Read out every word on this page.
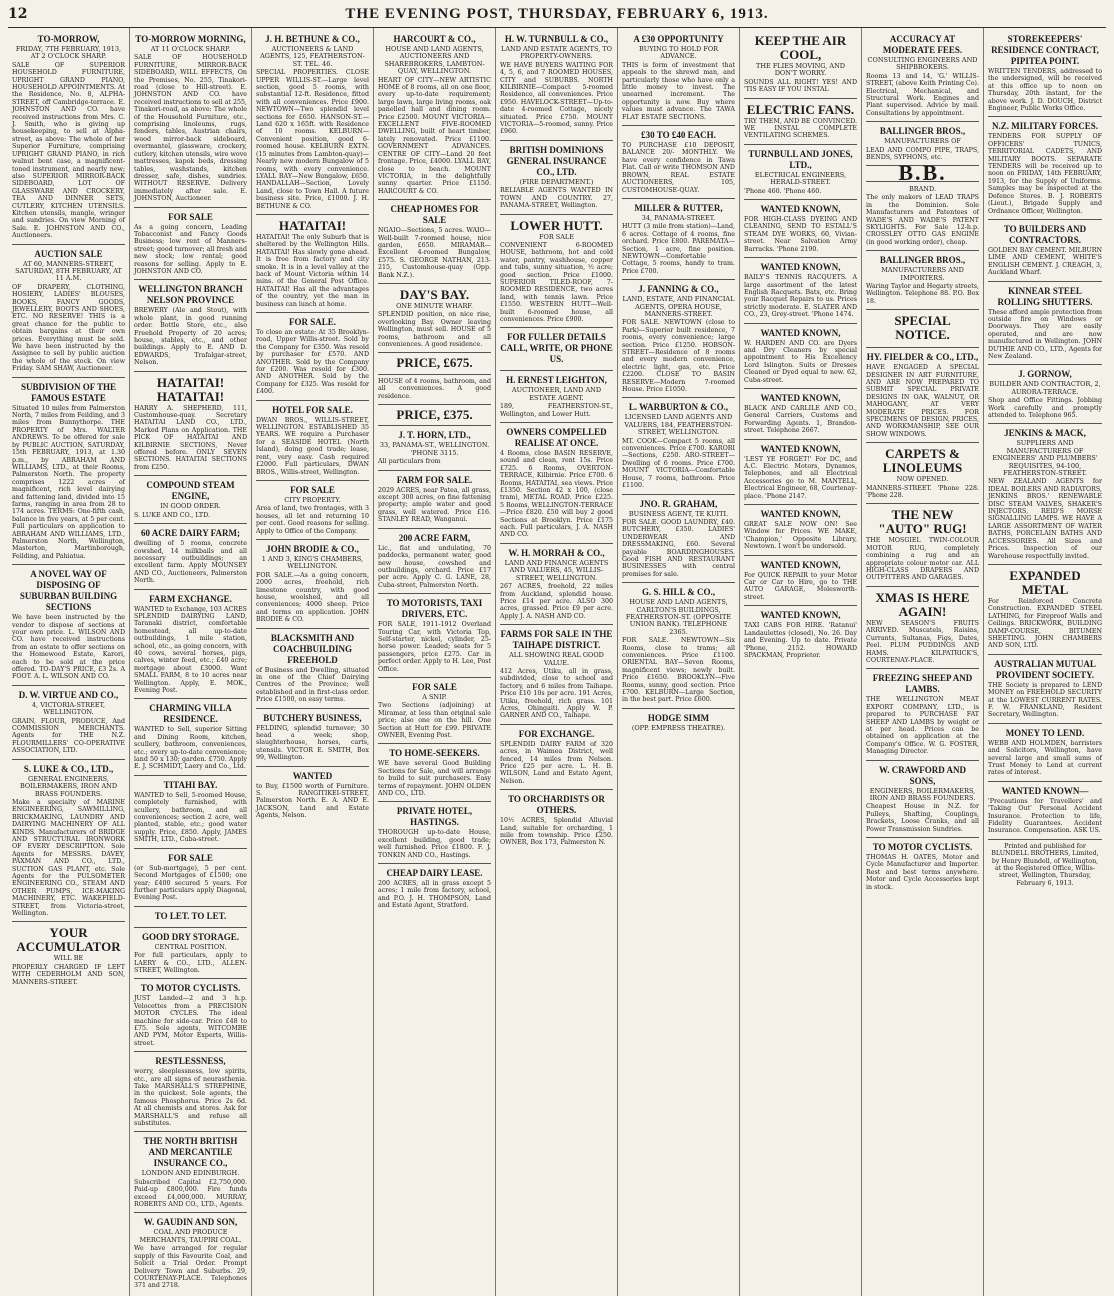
12	THE EVENING POST, THURSDAY, FEBRUARY 6, 1913.
TO-MORROW,
FRIDAY, 7TH FEBRUARY, 1913, AT 2 O'CLOCK SHARP.

SALE OF SUPERIOR HOUSEHOLD FURNITURE, UPRIGHT GRAND PIANO, HOUSEHOLD APPOINTMENTS. At the Residence, No. 8, ALPHA-STREET, off Cambridge-terrace. E. JOHNSTON AND CO. have received instructions from Mrs. C. J. Smith, who is giving up housekeeping, to sell at Alpha-street, as above: The whole of her Superior Furniture, comprising UPRIGHT GRAND PIANO, in rich walnut bent case, a magnificent-toned instrument, and nearly new; also SUPERIOR MIRROR-BACK SIDEBOARD, LOT OF GLASSWARE AND CROCKERY, TEA AND DINNER SETS, CUTLERY, KITCHEN UTENSILS. Kitchen utensils, mangle, wringer and sundries. On view Morning of Sale. E. JOHNSTON AND CO., Auctioneers.

AUCTION SALE
AT 60, MANNERS-STREET, SATURDAY, 8TH FEBRUARY, AT 11 A.M.

OF DRAPERY, CLOTHING, HOSIERY, LADIES' BLOUSES, BOOKS, FANCY GOODS, JEWELLERY, BOOTS AND SHOES, ETC. NO RESERVE! THIS is a great chance for the public to obtain bargains at their own prices. Everything must be sold. We have been instructed by the Assignee to sell by public auction the whole of the stock. On view Friday. SAM SHAW, Auctioneer.

SUBDIVISION OF THE FAMOUS ESTATE

Situated 10 miles from Palmerston North, 7 miles from Feilding, and 3 miles from Bunnythorpe. THE PROPERTY of Mrs. WALTER ANDREWS. To be offered for sale by PUBLIC AUCTION, SATURDAY, 15th FEBRUARY, 1913, at 1.30 p.m., by ABRAHAM AND WILLIAMS, LTD., at their Rooms, Palmerston North. The property comprises 1222 acres of magnificent, rich level dairying and fattening land, divided into 15 farms, ranging in area from 28 to 174 acres. TERMS: One-fifth cash, balance in five years, at 5 per cent. Full particulars on application to ABRAHAM AND WILLIAMS, LTD., Palmerston North, Wellington, Masterton, Martinborough, Feilding, and Pahiatua.

A NOVEL WAY OF DISPOSING OF SUBURBAN BUILDING SECTIONS

We have been instructed by the vendor to dispose of sections at your own price. L. WILSON AND CO. have received instructions from an estate to offer sections on the Homewood Estate, Karori, each to be sold at the price offered. TO-DAY'S PRICE, £3 2s. A FOOT. A. L. WILSON AND CO.

D. W. VIRTUE AND CO.,
4, VICTORIA-STREET, WELLINGTON.

GRAIN, FLOUR, PRODUCE, And COMMISSION MERCHANTS. Agents for THE N.Z. FLOURMILLERS' CO-OPERATIVE ASSOCIATION, LTD.

S. LUKE & CO., LTD.,
GENERAL ENGINEERS, BOILERMAKERS, IRON AND BRASS FOUNDERS.

Make a specialty of MARINE ENGINEERING, SAWMILLING, BRICKMAKING, LAUNDRY AND DAIRYING MACHINERY OF ALL KINDS. Manufacturers of BRIDGE AND STRUCTURAL IRONWORK OF EVERY DESCRIPTION. Sole Agents for MESSRS. DAVEY, PAXMAN AND CO., LTD., SUCTION GAS PLANT, etc. Sole Agents for the PULSOMETER ENGINEERING CO., STEAM AND OTHER PUMPS, ICE-MAKING MACHINERY, ETC. WAKEFIELD-STREET, from Victoria-street, Wellington.

YOUR ACCUMULATOR
WILL BE

PROPERLY CHARGED IF LEFT WITH CEDERHOLM AND SON, MANNERS-STREET.

TO-MORROW MORNING,
AT 11 O'CLOCK SHARP.

SALE OF HOUSEHOLD FURNITURE, MIRROR-BACK SIDEBOARD, WILL EFFECTS, On the Premises, No. 255, Tinakori-road (close to Hill-street). E. JOHNSTON AND CO. have received instructions to sell at 255, Tinakori-road, as above: The whole of the Household Furniture, etc., comprising linoleums, rugs, fenders, tables, Austrian chairs, wood mirror-back sideboard, overmantel, glassware, crockery, cutlery, kitchen utensils, wire wove mattresses, kapok beds, dressing tables, washstands, kitchen dresser, safe, dishes, sundries. WITHOUT RESERVE. Delivery immediately after sale. E. JOHNSTON, Auctioneer.

FOR SALE

As a going concern, Leading Tobacconist and Fancy Goods Business; low rent of Manners-street; good turnover; all fresh and new stock; low rental; good reasons for selling. Apply to E. JOHNSTON AND CO.

WELLINGTON BRANCH NELSON PROVINCE

BREWERY (Ale and Stout), with whole plant, in good running order. Bottle Store, etc., also Freehold Property of 20 acres; house, stables, etc., and other buildings. Apply to E. AND D. EDWARDS, Trafalgar-street, Nelson.

HATAITAI! HATAITAI!

HARRY A. SHEPHERD, 111, Customhouse-quay. Secretary HATAITAI LAND CO., LTD., Marked Plans on Application. THE PICK OF HATAITAI AND KILBIRNIE SECTIONS, Never offered before. ONLY SEVEN SECTIONS. HATAITAI SECTIONS from £250.

COMPOUND STEAM ENGINE,
IN GOOD ORDER.

S. LUKE AND CO., LTD.

60 ACRE DAIRY FARM;

dwelling of 5 rooms, concrete cowshed, 14 milkbails and all necessary outbuildings; an excellent farm. Apply MOUNSEY AND CO., Auctioneers, Palmerston North.

FARM EXCHANGE.

WANTED to Exchange, 103 ACRES SPLENDID DAIRYING LAND, Taranaki district, comfortable homestead, all up-to-date outbuildings, 1 mile station, school, etc., as going concern, with 40 cows, several horses, pigs, calves, winter feed, etc.; £40 acre; mortgage about £3000. Want SMALL FARM, 8 to 10 acres near Wellington. Apply, E. MOK., Evening Post.

CHARMING VILLA RESIDENCE.

WANTED to Sell, superior Sitting and Dining Room, kitchen, scullery, bathroom, conveniences, etc.; every up-to-date convenience; land 50 x 130; garden. £750. Apply E. J. SCHMIDT, Laery and Co., Ltd.

TITAHI BAY.

WANTED to Sell, 5-roomed House, completely furnished, with scullery, bathroom, and all conveniences; section 2 acre, well planted, stable, etc.; good water supply. Price, £850. Apply, JAMES SMITH, LTD., Cuba-street.

FOR SALE

(or Sub-mortgage), 5 per cent. Second Mortgages of £1500; one year; £400 secured 5 years. For further particulars apply Diagonal, Evening Post.

TO LET. TO LET.
GOOD DRY STORAGE.
CENTRAL POSITION.

For full particulars, apply to LAERY & CO., LTD., ALLEN-STREET, Wellington.

TO MOTOR CYCLISTS.

JUST Landed—2 and 3 h.p. Velocettes from a PRECISION MOTOR CYCLES. The ideal machine for side-car. Price £48 to £75. Sole agents, WITCOMBE AND PYM, Motor Experts, Willis-street.

RESTLESSNESS,

worry, sleeplessness, low spirits, etc., are all signs of neurasthenia. Take MARSHALL'S STREPHINE, in the quickest. Sole agents, the famous Phosphorus. Price 2s 6d. At all chemists and stores. Ask for MARSHALL'S and refuse all substitutes.

THE NORTH BRITISH AND MERCANTILE INSURANCE CO.,
LONDON AND EDINBURGH.

Subscribed Capital £2,750,000. Paid-up £800,000. Fire funds exceed £4,000,000. MURRAY, ROBERTS AND CO., LTD., Agents.

W. GAUDIN AND SON,
COAL AND PRODUCE MERCHANTS, TAUPIRI COAL.

We have arranged for regular supply of this Favourite Coal, and Solicit a Trial Order. Prompt Delivery Town and Suburbs. 29, COURTENAY-PLACE. Telephones 371 and 2718.

J. H. BETHUNE & CO.,
AUCTIONEERS & LAND AGENTS, 125, FEATHERSTON-ST. TEL. 46.

SPECIAL PROPERTIES. CLOSE UPPER WILLIS-ST.—Large level section, good 5 rooms, with substantial 12-ft. Residence, fitted with all conveniences. Price £900. NEWTOWN—Two splendid level sections for £650. HANSON-ST.—Land 620 x 165ft. with Residence of 10 rooms. KELBURN—Convenient position, good 6-roomed house. KELBURN EXTN. (15 minutes from Lambton-quay)—Nearly new modern Bungalow of 5 rooms, with every convenience. LYALL BAY—New Bungalow, £650. HANDALLAH—Section, Lovely Land, close to Town Hall. A future business site. Price, £1000. J. H. BETHUNE & CO.

HATAITAI!

HATAITAI! The only Suburb that is sheltered by the Wellington Hills. HATAITAI! Has slowly gone ahead. It is free from factory and city smoke. It is in a level valley at the back of Mount Victoria within 14 mins. of the General Post Office. HATAITAI! Has all the advantages of the country, yet the man in business can lunch at home.

FOR SALE.

To close an estate: At 35 Brooklyn-road, Upper Willis-street. Sold by the Company for £350. Was resold by purchaser for £570. AND ANOTHER. Sold by the Company for £200. Was resold for £300. AND ANOTHER. Sold by the Company for £325. Was resold for £400.

HOTEL FOR SALE.

DWAN BROS., WILLIS-STREET, WELLINGTON. ESTABLISHED 35 YEARS. WE require a Purchaser for a SEASIDE HOTEL (North Island), doing good trade; lease, rent, very easy. Cash required £2000. Full particulars, DWAN BROS., Willis-street, Wellington.

FOR SALE
CITY PROPERTY.

Area of land, two frontages, with 3 houses, all let and returning 10 per cent. Good reasons for selling. Apply to Office of the Company.

JOHN BRODIE & CO.,
1 AND 3, KING'S CHAMBERS, WELLINGTON.

FOR SALE.—As a going concern, 2000 acres, freehold, rich limestone country, with good house, woolshed, and all conveniences; 4000 sheep. Price and terms on application. JOHN BRODIE & CO.

BLACKSMITH AND COACHBUILDING FREEHOLD

of Business and Dwelling, situated in one of the Chief Dairying Centres of the Province; well established and in first-class order. Price £1500, on easy terms.

BUTCHERY BUSINESS,

FELDING, splendid turnover; 30 head a week; shop, slaughterhouse, horses, carts, utensils. VICTOR E. SMITH, Box 99, Wellington.

WANTED

to Buy, £1500 worth of Furniture. S. RANGITIKEI-STREET, Palmerston North. E. A. AND E. JACKSON, Land and Estate Agents, Nelson.

HARCOURT & CO.,
HOUSE AND LAND AGENTS, AUCTIONEERS AND SHAREBROKERS, LAMBTON-QUAY, WELLINGTON.

HEART OF CITY—NEW ARTISTIC HOME of 8 rooms, all on one floor, every up-to-date requirement; large lawn, large living rooms, oak panelled hall and dining room. Price £2500. MOUNT VICTORIA—EXCELLENT FIVE-ROOMED DWELLING, built of heart timber, lately renovated. Price £1100. GOVERNMENT ADVANCES. CENTRE OF CITY—Land 20 feet frontage. Price, £4000. LYALL BAY, close to beach. MOUNT VICTORIA, in the delightfully sunny quarter. Price £1150. HARCOURT & CO.

CHEAP HOMES FOR SALE

NGAIO—Sections, 5 acres. WAIO—Well-built 7-roomed house, nice garden, £650. MIRAMAR—Excellent 4-roomed Bungalow, £575. S. GEORGE NATHAN, 213-215, Customhouse-quay (Opp. Bank N.Z.).

DAY'S BAY.
ONE MINUTE WHARF.

SPLENDID position, on nice rise, overlooking Bay. Owner leaving Wellington, must sell. HOUSE of 5 rooms, bathroom and all conveniences. A good residence.

PRICE, £675.

HOUSE of 4 rooms, bathroom, and all conveniences. A good residence.

PRICE, £375.
J. T. HORN, LTD.,
33, PANAMA-ST., WELLINGTON. 'PHONE 3115.

All particulars from

FARM FOR SALE.

2029 ACRES, near Patea, all grass, except 300 acres, on fine fattening property; ample water and good grass, well watered. Price £16. STANLEY READ, Wanganui.

200 ACRE FARM,

Lic., flat and undulating, 70 paddocks, permanent water, good new house, cowshed and outbuildings, orchard. Price £17 per acre. Apply C. G. LANE, 28, Cuba-street, Palmerston North.

TO MOTORISTS, TAXI DRIVERS, ETC.

FOR SALE, 1911-1912 Overland Touring Car, with Victoria Top, Self-starter, nickel, cylinder, 25-horse power. Leaded; seats for 5 passengers, price £275. Car in perfect order. Apply to H. Lee, Post Office.

FOR SALE
A SNIP.

Two Sections (adjoining) at Miramar, at less than original sale price; also one on the hill. One Section at Hutt for £99. PRIVATE OWNER, Evening Post.

TO HOME-SEEKERS.

WE have several Good Building Sections for Sale, and will arrange to build to suit purchasers. Easy terms of repayment. JOHN OLDEN AND CO., LTD.

PRIVATE HOTEL, HASTINGS.

THOROUGH up-to-date House, excellent building, good trade; well furnished. Price £1800. F. J. TONKIN AND CO., Hastings.

CHEAP DAIRY LEASE.

200 ACRES, all in grass except 5 acres; 1 mile from factory, school, and P.O. J. H. THOMPSON, Land and Estate Agent, Stratford.

H. W. TURNBULL & CO.,
LAND AND ESTATE AGENTS, TO PROPERTY-OWNERS.

WE HAVE BUYERS WAITING FOR 4, 5, 6, and 7 ROOMED HOUSES, CITY and SUBURBS. NORTH KILBIRNIE—Compact 5-roomed Residence, all conveniences. Price £950. HAVELOCK-STREET—Up-to-date 4-roomed Cottage, nicely situated. Price £750. MOUNT VICTORIA—5-roomed, sunny. Price £960.

BRITISH DOMINIONS GENERAL INSURANCE CO., LTD.
(FIRE DEPARTMENT.)

RELIABLE AGENTS WANTED IN TOWN AND COUNTRY. 27, PANAMA-STREET, Wellington.

LOWER HUTT.
FOR SALE

CONVENIENT 6-ROOMED HOUSE, bathroom, hot and cold water, pantry, washhouse, copper and tubs, sunny situation, ½ acre; good section. Price £1000. SUPERIOR TILED-ROOF, 7-ROOMED RESIDENCE, two acres land, with tennis lawn. Price £1550. WESTERN HUTT—Well-built 6-roomed house, all conveniences. Price £900.

FOR FULLER DETAILS CALL, WRITE, OR PHONE US.
H. ERNEST LEIGHTON,
AUCTIONEER, LAND AND ESTATE AGENT.

189, FEATHERSTON-ST., Wellington, and Lower Hutt.

OWNERS COMPELLED REALISE AT ONCE.

4 Rooms, close BASIN RESERVE, sound and clean, rent 15s. Price £725. 6 Rooms, OVERTON-TERRACE, Kilbirnie. Price £700. 6 Rooms, HATAITAI, sea views. Price £1350. Section 42 x 100, (close tram), METAL ROAD. Price £225. 5 Rooms, WELLINGTON-TERRACE—Price £820. £50 will buy 2 good Sections at Brooklyn. Price £175 each. Full particulars, J. A. NASH AND CO.

W. H. MORRAH & CO.,
LAND AND FINANCE AGENTS AND VALUERS, 45, WILLIS-STREET, WELLINGTON.

267 ACRES, freehold, 22 miles from Auckland, splendid house. Price £14 per acre. ALSO 300 acres, grassed. Price £9 per acre. Apply J. A. NASH AND CO.

FARMS FOR SALE IN THE TAIHAPE DISTRICT.
ALL SHOWING REAL GOOD VALUE.

412 Acres, Utiku, all in grass, subdivided, close to school and factory, and 6 miles from Taihape. Price £10 10s per acre. 191 Acres, Utiku, freehold, rich grass. 101 Acres, Ohingaiti. Apply W. P. GARNER AND CO., Taihape.

FOR EXCHANGE.

SPLENDID DAIRY FARM of 320 acres, in Waimea District, well fenced, 14 miles from Nelson. Price £25 per acre. L. H. B. WILSON, Land and Estate Agent, Nelson.

TO ORCHARDISTS OR OTHERS.

10½ ACRES, Splendid Alluvial Land, suitable for orcharding, 1 mile from township. Price £250. OWNER, Box 173, Palmerston N.

A £30 OPPORTUNITY
BUYING TO HOLD FOR ADVANCE.

THIS is form of investment that appeals to the shrewd man, and particularly those who have only a little money to invest. The unearned increment. The opportunity is now. Buy where values must advance. The TAWA FLAT ESTATE SECTIONS.

£30 TO £40 EACH.

TO PURCHASE £10 DEPOSIT, BALANCE 20/- MONTHLY. We have every confidence in Tawa Flat. Call or write THOMSON AND BROWN, REAL ESTATE AUCTIONEERS, 105, CUSTOMHOUSE-QUAY.

MILLER & RUTTER,
34, PANAMA-STREET.

HUTT (3 mile from station)—Land, 6 acres. Cottage of 4 rooms, fine orchard. Price £800. PAREMATA—Section, 1 acre, fine position. NEWTOWN—Comfortable Cottage, 5 rooms, handy to tram. Price £700.

J. FANNING & CO.,
LAND, ESTATE, AND FINANCIAL AGENTS, OPERA HOUSE, MANNERS-STREET.

FOR SALE. NEWTOWN (close to Park)—Superior built residence, 7 rooms, every convenience; large section. Price £1250. HOBSON-STREET—Residence of 8 rooms and every modern convenience, electric light, gas, etc. Price £2200. CLOSE TO BASIN RESERVE—Modern 7-roomed House. Price £1050.

L. WARBURTON & CO.,
LICENSED LAND AGENTS AND VALUERS, 184, FEATHERSTON-STREET, WELLINGTON.

MT. COOK—Compact 5 rooms, all conveniences. Price £700. KARORI—Sections, £250. ARO-STREET—Dwelling of 6 rooms. Price £700. MOUNT VICTORIA—Comfortable House, 7 rooms, bathroom. Price £1100.

JNO. R. GRAHAM,
BUSINESS AGENT, TE KUITI.

FOR SALE. GOOD LAUNDRY, £40. BUTCHERY, £350. LADIES' UNDERWEAR AND DRESSMAKING, £60. Several payable BOARDINGHOUSES. Good FISH AND RESTAURANT BUSINESSES with central premises for sale.

G. S. HILL & CO.,
HOUSE AND LAND AGENTS, CARLTON'S BUILDINGS, FEATHERSTON-ST. (OPPOSITE UNION BANK). TELEPHONE 2365.

FOR SALE. NEWTOWN—Six Rooms, close to trams; all conveniences. Price £1100. ORIENTAL BAY—Seven Rooms, magnificent views; newly built. Price £1650. BROOKLYN—Five Rooms, sunny, good section. Price £700. KELBURN—Large Section, in the best part. Price £600.

HODGE SIMM
(OPP. EMPRESS THEATRE).
KEEP THE AIR COOL,
THE FLIES MOVING, AND DON'T WORRY.

SOUNDS ALL RIGHT! YES! AND 'TIS EASY IF YOU INSTAL

ELECTRIC FANS.

TRY THEM, AND BE CONVINCED. WE INSTAL COMPLETE VENTILATING SCHEMES.

TURNBULL AND JONES, LTD.,
ELECTRICAL ENGINEERS, HERALD-STREET.

'Phone 460. 'Phone 460.

WANTED KNOWN,

FOR HIGH-CLASS DYEING AND CLEANING, SEND TO ESTALL'S STEAM DYE WORKS, 60, Vivian-street. Near Salvation Army Barracks. 'Phone 2190.

WANTED KNOWN,

BAILY'S TENNIS RACQUETS. A large assortment of the latest English Racquets. Bats, etc. Bring your Racquet Repairs to us. Prices strictly moderate. E. SLATER AND CO., 23, Grey-street. 'Phone 1474.

WANTED KNOWN,

W. HARDEN AND CO. are Dyers and Dry Cleaners by special appointment to His Excellency Lord Islington. Suits or Dresses Cleaned or Dyed equal to new. 62, Cuba-street.

WANTED KNOWN,

BLACK AND CARLILE AND CO., General Carriers, Customs and Forwarding Agents. 1, Brandon-street. Telephone 2667.

WANTED KNOWN,

'LEST YE FORGET!' For DC, and A.C. Electric Motors, Dynamos, Telephones, and all Electrical Accessories go to M. MANTELL, Electrical Engineer, 68, Courtenay-place. 'Phone 2147.

WANTED KNOWN,

GREAT SALE NOW ON! See Window for Prices. WE MAKE, 'Champion,' Opposite Library, Newtown. I won't be undersold.

WANTED KNOWN,

For QUICK REPAIR to your Motor Car or Car to Hire, go to THE AUTO GARAGE, Molesworth-street.

WANTED KNOWN,

TAXI CABS FOR HIRE. 'Ratanui' Landaulettes (closed), No. 26. Day and Evening. Up to date. Private 'Phone, 2152. HOWARD SPACKMAN, Proprietor.

ACCURACY AT MODERATE FEES.
CONSULTING ENGINEERS AND SHIPBROKERS.

Rooms 13 and 14, 'G.' WILLIS-STREET, (above Keith Printing Co). Electrical, Mechanical, and Structural Work. Engines and Plant supervised. Advice by mail. Consultations by appointment.

BALLINGER BROS.,
MANUFACTURERS OF

LEAD AND COMPO PIPE, TRAPS, BENDS, SYPHONS, etc.

B.B.
BRAND.

The only makers of LEAD TRAPS in the Dominion. Sole Manufacturers and Patentees of WADE'S AND WADE'S PATENT SKYLIGHTS. For Sale 12-h.p. CROSSLEY OTTO GAS ENGINE (in good working order), cheap.

BALLINGER BROS.,
MANUFACTURERS AND IMPORTERS.

Waring Taylor and Hegarty streets, Wellington. Telephone 88. P.O. Box 18.

SPECIAL NOTICE.
HY. FIELDER & CO., LTD.,

HAVE ENGAGED A SPECIAL DESIGNER IN ART FURNITURE, AND ARE NOW PREPARED TO SUBMIT SPECIAL PRIVATE DESIGNS IN OAK, WALNUT, OR MAHOGANY, AT VERY MODERATE PRICES. FOR SPECIMENS OF DESIGN, PRICES, AND WORKMANSHIP, SEE OUR SHOW WINDOWS.

CARPETS & LINOLEUMS
NOW OPENED.

MANNERS-STREET. 'Phone 228. 'Phone 228.

THE NEW "AUTO" RUG!

THE MOSGIEL TWIN-COLOUR MOTOR RUG, completely combining a rug and an appropriate colour motor car. ALL HIGH-CLASS DRAPERS AND OUTFITTERS AND GARAGES.

XMAS IS HERE AGAIN!

NEW SEASON'S FRUITS ARRIVED. Muscatels, Raisins, Currants, Sultanas, Figs, Dates, Peel. PLUM PUDDINGS AND HAMS. KILPATRICK'S, COURTENAY-PLACE.

FREEZING SHEEP AND LAMBS.

THE WELLINGTON MEAT EXPORT COMPANY, LTD., is prepared to PURCHASE FAT SHEEP AND LAMBS by weight or at per head. Prices can be obtained on application at the Company's Office. W. G. FOSTER, Managing Director.

W. CRAWFORD AND SONS,
ENGINEERS, BOILERMAKERS, IRON AND BRASS FOUNDERS.

Cheapest House in N.Z. for Pulleys, Shafting, Couplings, Brackets, Loose Cranks, and all Power Transmission Sundries.

TO MOTOR CYCLISTS.

THOMAS H. OATES, Motor and Cycle Manufacturer and Importer. Rest and best terms anywhere. Motor and Cycle Accessories kept in stock.

STOREKEEPERS' RESIDENCE CONTRACT, PIPITEA POINT.

WRITTEN TENDERS, addressed to the undersigned, will be received at this office up to noon on Thursday, 20th instant, for the above work. J. D. DOUCH, District Engineer, Public Works Office.

N.Z. MILITARY FORCES.

TENDERS FOR SUPPLY OF OFFICERS' TUNICS, TERRITORIAL CADETS, AND MILITARY BOOTS. SEPARATE TENDERS will be received up to noon on FRIDAY, 14th FEBRUARY, 1913, for the Supply of Uniforms. Samples may be inspected at the Defence Stores. B. J. ROBERTS (Lieut.), Brigade Supply and Ordnance Officer, Wellington.

TO BUILDERS AND CONTRACTORS.

GOLDEN BAY CEMENT. MILBURN LIME AND CEMENT, WHITE'S ENGLISH CEMENT. J. CREAGH, 3, Auckland Wharf.

KINNEAR STEEL ROLLING SHUTTERS.

These afford ample protection from outside fire on Windows or Doorways. They are easily operated, and are now manufactured in Wellington. JOHN DUTHIE AND CO., LTD., Agents for New Zealand.

J. GORNOW,
BUILDER AND CONTRACTOR, 2, AURORA-TERRACE.

Shop and Office Fittings. Jobbing Work carefully and promptly attended to. Telephone 965.

JENKINS & MACK,
SUPPLIERS AND MANUFACTURERS OF ENGINEERS' AND PLUMBERS' REQUISITES, 94-100, FEATHERSTON-STREET.

NEW ZEALAND AGENTS for IDEAL BOILERS AND RADIATORS, JENKINS BROS.' RENEWABLE DISC STEAM VALVES, SHAKER'S INJECTORS, REID'S MORSE SIGNALLING LAMPS. WE HAVE A LARGE ASSORTMENT OF WATER BATHS, PORCELAIN BATHS AND ACCESSORIES. All Sizes and Prices. Inspection of our Warehouse respectfully invited.

EXPANDED METAL

For Reinforced Concrete Construction. EXPANDED STEEL LATHING, for Fireproof Walls and Ceilings. BRICKWORK, BUILDING DAMP-COURSE, BITUMEN SHEETING. JOHN CHAMBERS AND SON, LTD.

AUSTRALIAN MUTUAL PROVIDENT SOCIETY.

THE Society is prepared to LEND MONEY on FREEHOLD SECURITY at the LOWEST CURRENT RATES. F. W. FRANKLAND, Resident Secretary, Wellington.

MONEY TO LEND.

WEBB AND HOLMDEN, barristers and Solicitors, Wellington, have several large and small sums of Trust Money to Lend at current rates of interest.

WANTED KNOWN—

'Precautions for Travellers' and 'Taking Out' Personal Accident Insurance. Protection to life, Fidelity Guarantees. Accident Insurance. Compensation. ASK US.

Printed and published for BLUNDELL BROTHERS, Limited, by Henry Blundell, of Wellington, at the Registered Office, Willis-street, Wellington, Thursday, February 6, 1913.
